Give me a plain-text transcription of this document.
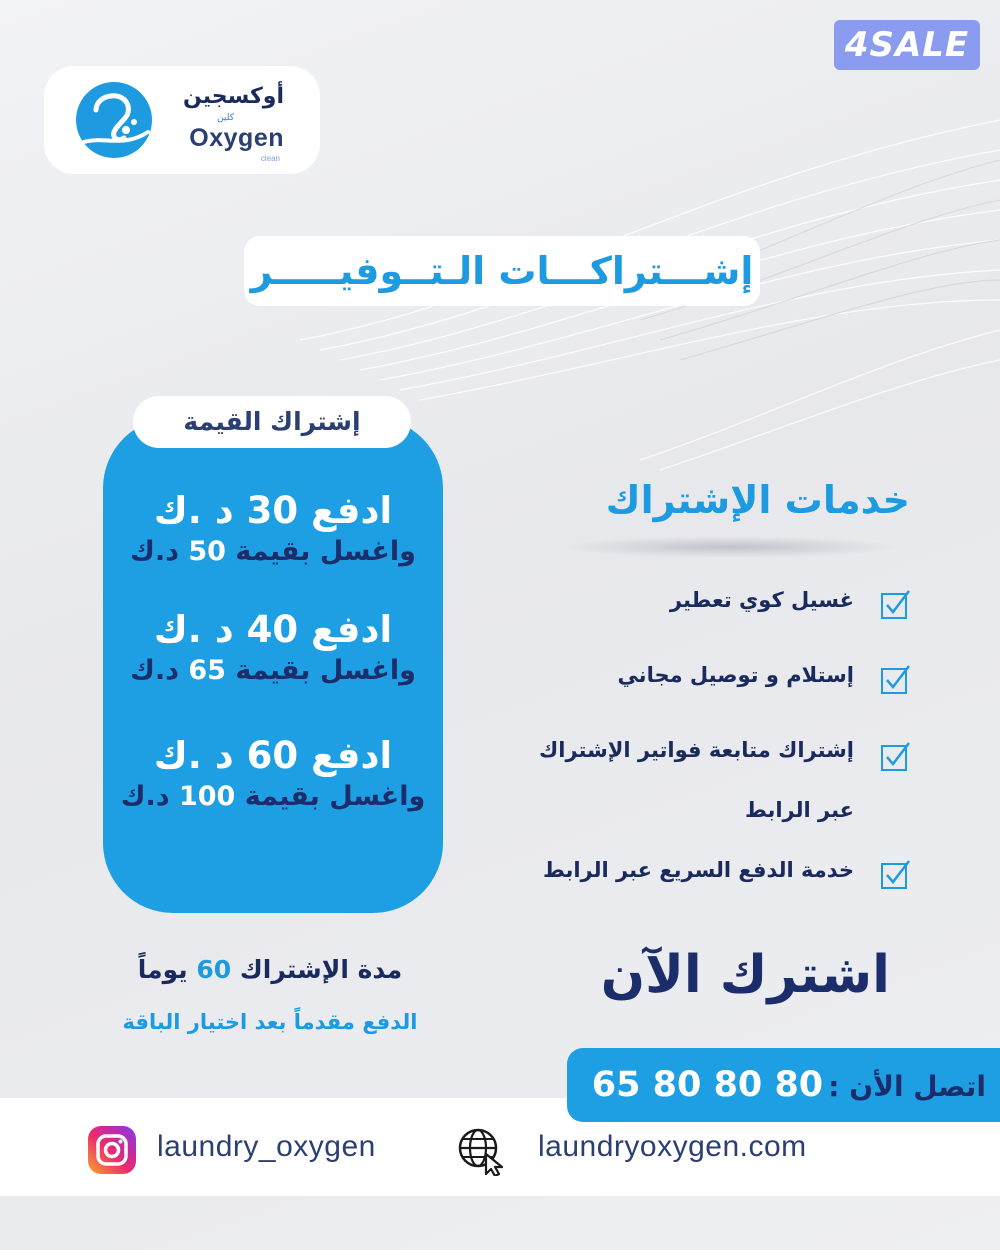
4SALE
أوكسجين
كلين
Oxygen
clean
إشـــتراكـــات الـتــوفيـــــر
إشتراك القيمة
ادفع 30 د .ك
واغسل بقيمة 50 د.ك
ادفع 40 د .ك
واغسل بقيمة 65 د.ك
ادفع 60 د .ك
واغسل بقيمة 100 د.ك
مدة الإشتراك 60 يوماً
الدفع مقدماً بعد اختيار الباقة
خدمات الإشتراك
غسيل كوي تعطير
إستلام و توصيل مجاني
إشتراك متابعة فواتير الإشتراك
عبر الرابط
خدمة الدفع السريع عبر الرابط
اشترك الآن
اتصل الأن : 65 80 80 80
laundry_oxygen	laundryoxygen.com
